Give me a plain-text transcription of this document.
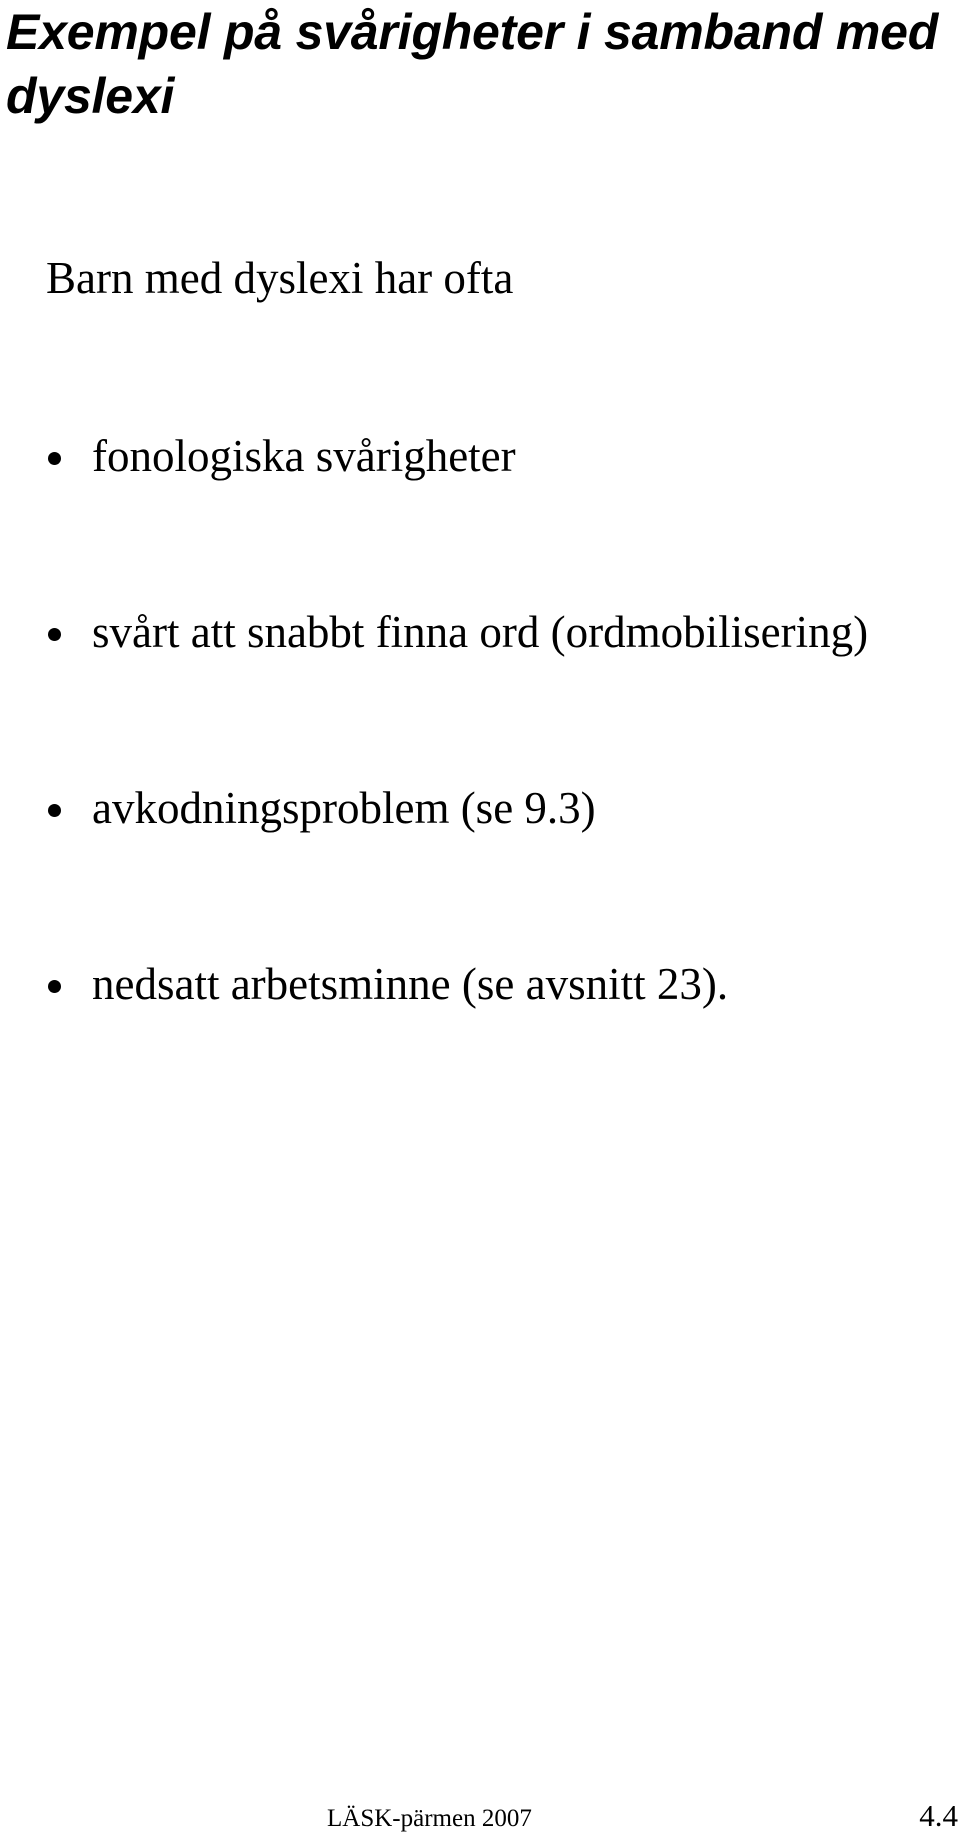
Exempel på svårigheter i samband med dyslexi

Barn med dyslexi har ofta

fonologiska svårigheter
svårt att snabbt finna ord (ordmobilisering)
avkodningsproblem (se 9.3)
nedsatt arbetsminne (se avsnitt 23).
LÄSK-pärmen 2007	4.4
